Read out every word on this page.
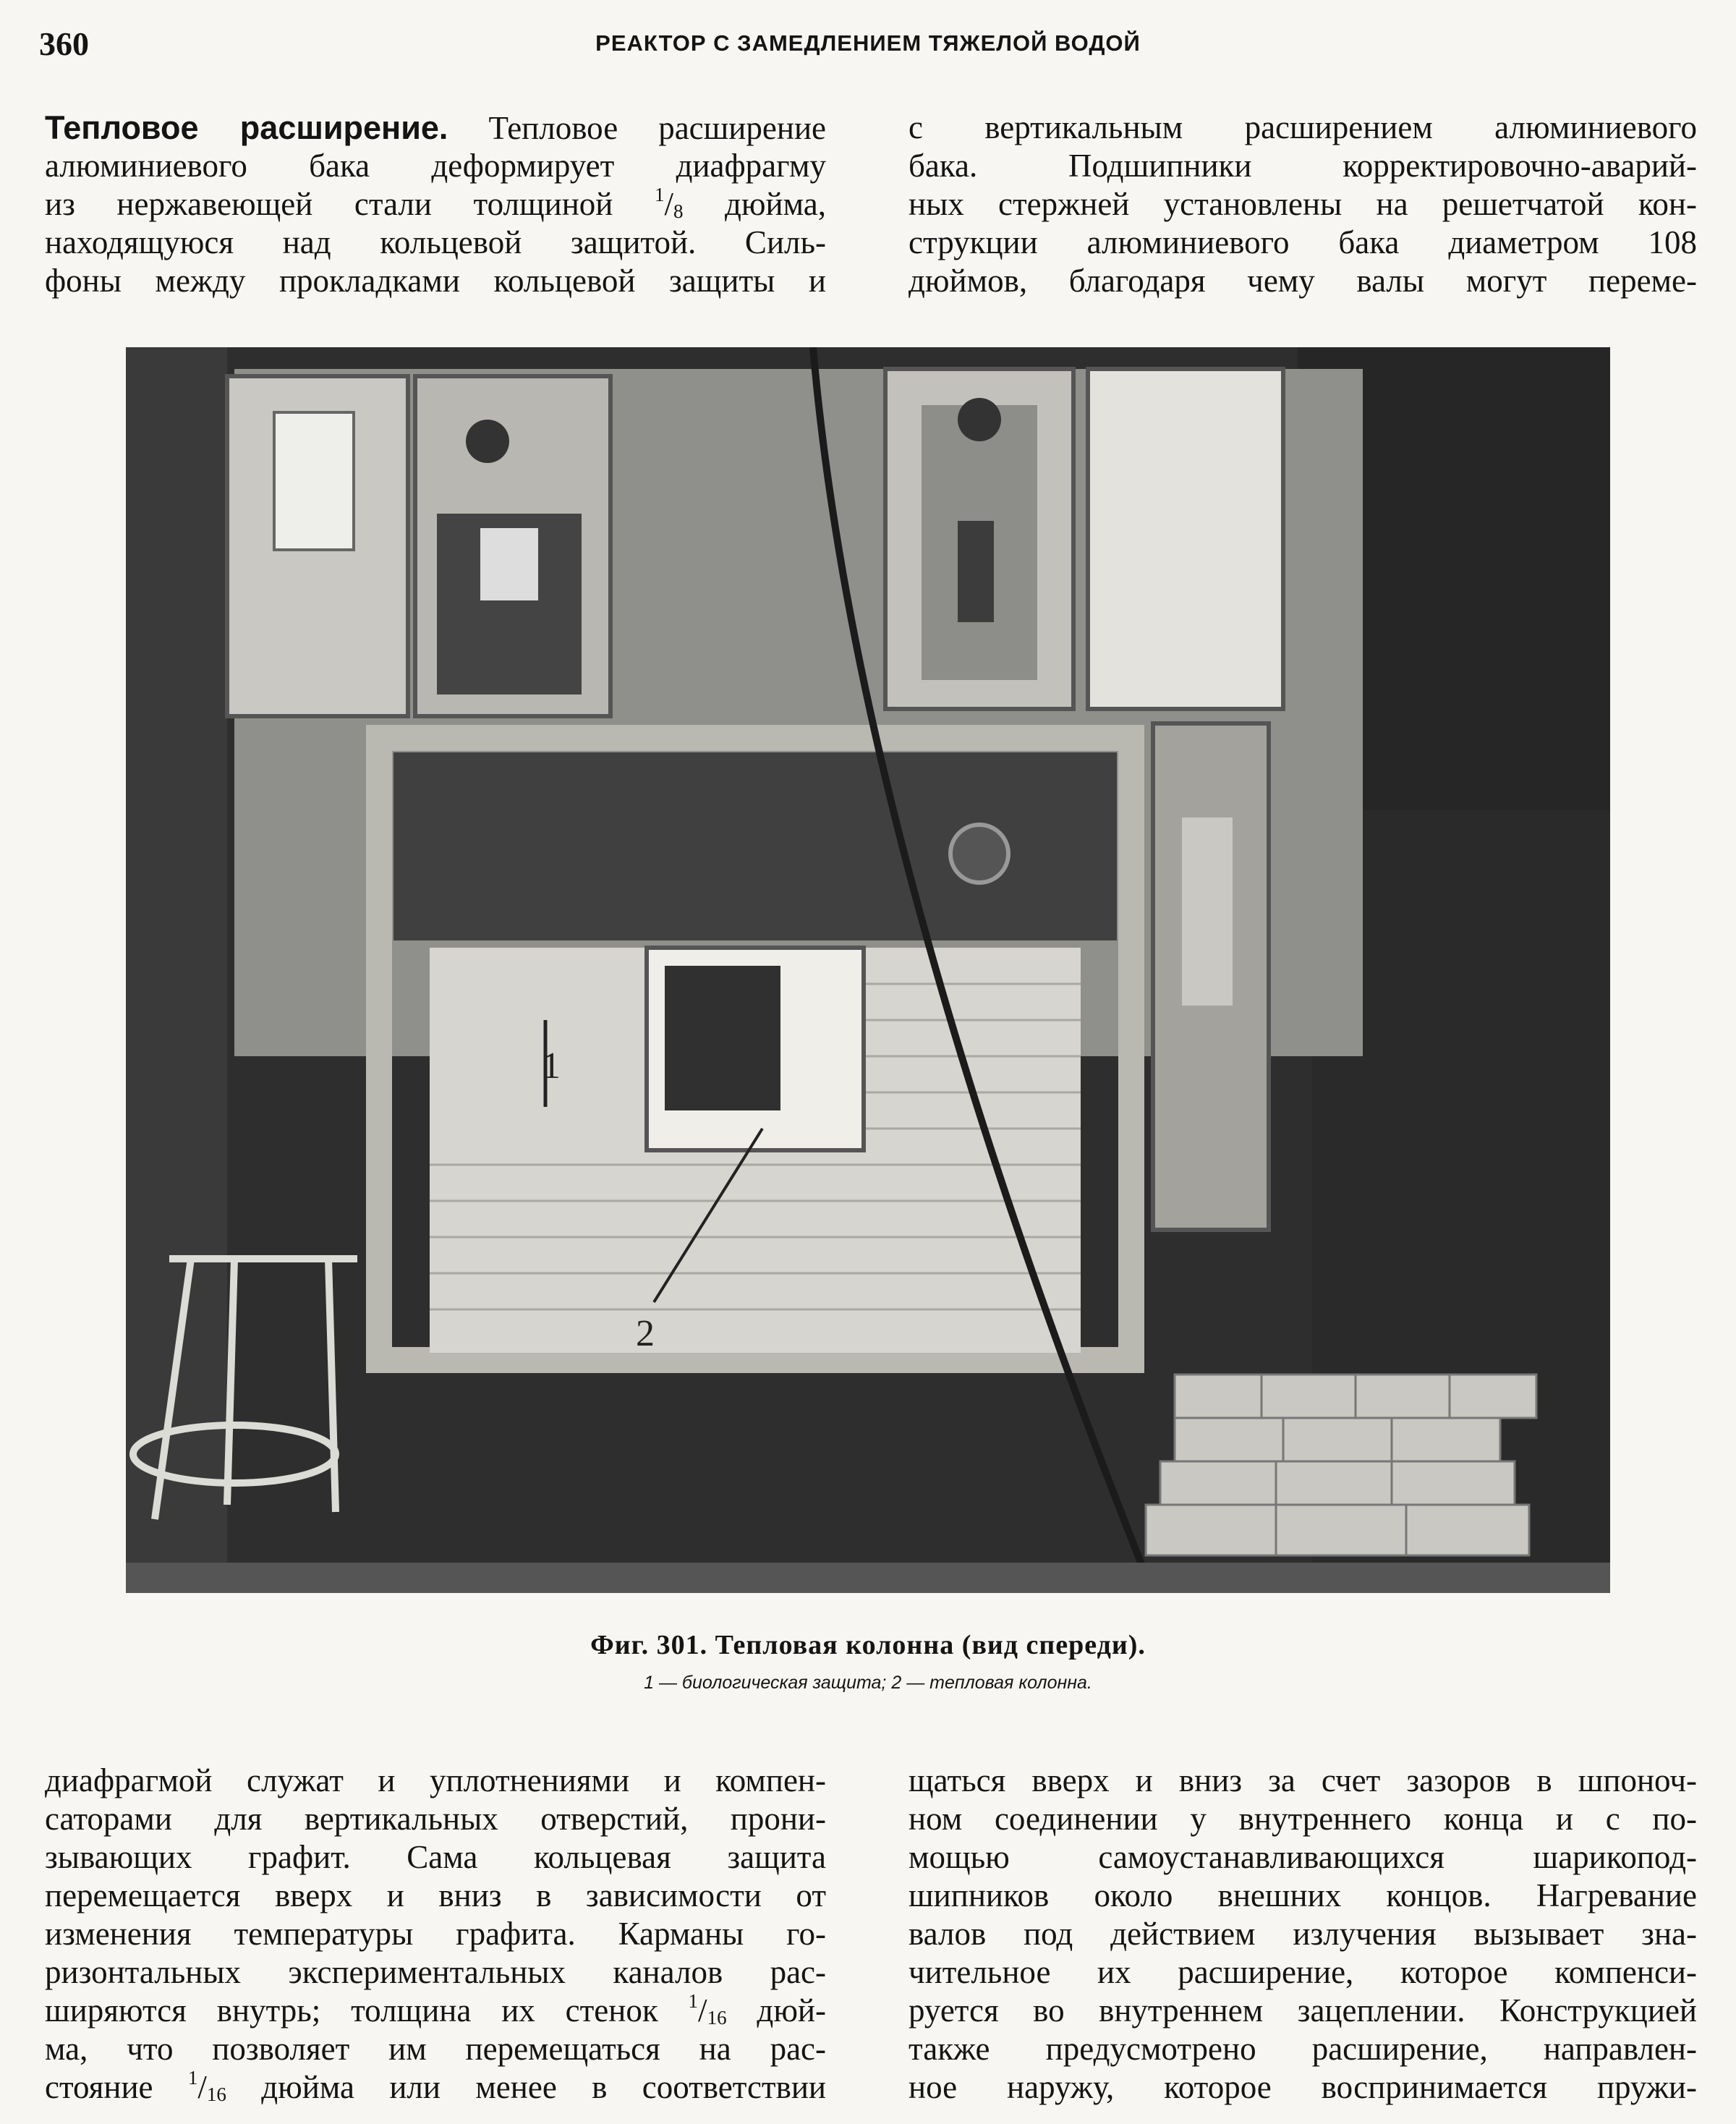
360	РЕАКТОР С ЗАМЕДЛЕНИЕМ ТЯЖЕЛОЙ ВОДОЙ
Тепловое расширение. Тепловое расширение
алюминиевого бака деформирует диафрагму
из нержавеющей стали толщиной $^1/_8$ дюйма,
находящуюся над кольцевой защитой. Силь-
фоны между прокладками кольцевой защиты и
с вертикальным расширением алюминиевого
бака. Подшипники корректировочно-аварий-
ных стержней установлены на решетчатой кон-
струкции алюминиевого бака диаметром 108
дюймов, благодаря чему валы могут переме-
1
2
Фиг. 301. Тепловая колонна (вид спереди).
1 — биологическая защита; 2 — тепловая колонна.
диафрагмой служат и уплотнениями и компен-
саторами для вертикальных отверстий, прони-
зывающих графит. Сама кольцевая защита
перемещается вверх и вниз в зависимости от
изменения температуры графита. Карманы го-
ризонтальных экспериментальных каналов рас-
ширяются внутрь; толщина их стенок $^1/_{16}$ дюй-
ма, что позволяет им перемещаться на рас-
стояние $^1/_{16}$ дюйма или менее в соответствии
щаться вверх и вниз за счет зазоров в шпоноч-
ном соединении у внутреннего конца и с по-
мощью самоустанавливающихся шарикопод-
шипников около внешних концов. Нагревание
валов под действием излучения вызывает зна-
чительное их расширение, которое компенси-
руется во внутреннем зацеплении. Конструкцией
также предусмотрено расширение, направлен-
ное наружу, которое воспринимается пружи-
